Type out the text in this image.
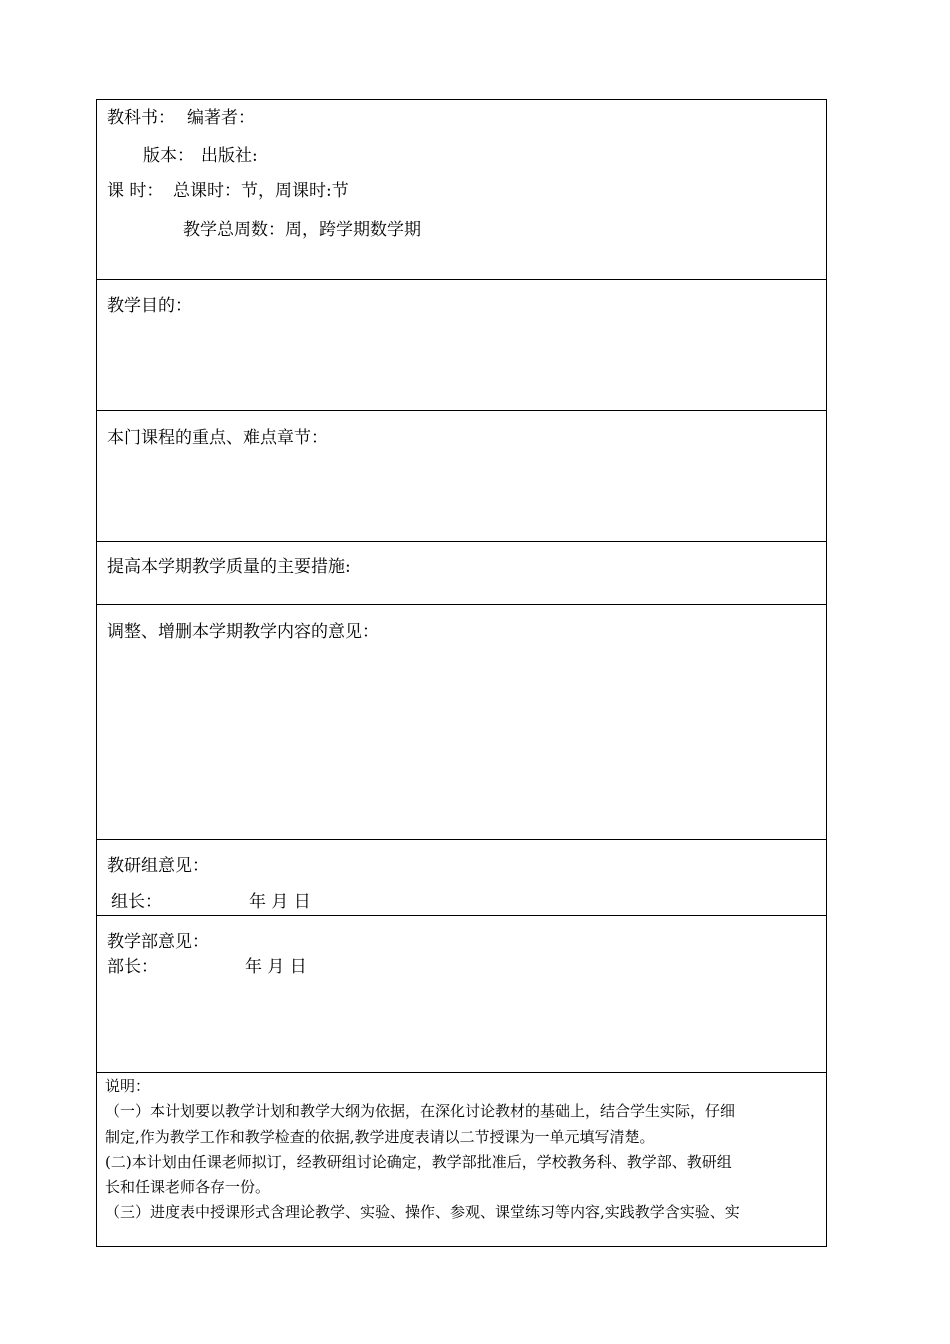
教科书： 编著者：
版本： 出版社:
课 时： 总课时：节，周课时:节
教学总周数：周，跨学期数学期
教学目的：
本门课程的重点、难点章节：
提高本学期教学质量的主要措施:
调整、增删本学期教学内容的意见：
教研组意见：
组长：	年 月 日
教学部意见：
部长：	年 月 日
说明：
（一）本计划要以教学计划和教学大纲为依据，在深化讨论教材的基础上，结合学生实际，仔细
制定,作为教学工作和教学检查的依据,教学进度表请以二节授课为一单元填写清楚。
(二)本计划由任课老师拟订，经教研组讨论确定，教学部批准后，学校教务科、教学部、教研组
长和任课老师各存一份。
（三）进度表中授课形式含理论教学、实验、操作、参观、课堂练习等内容,实践教学含实验、实
